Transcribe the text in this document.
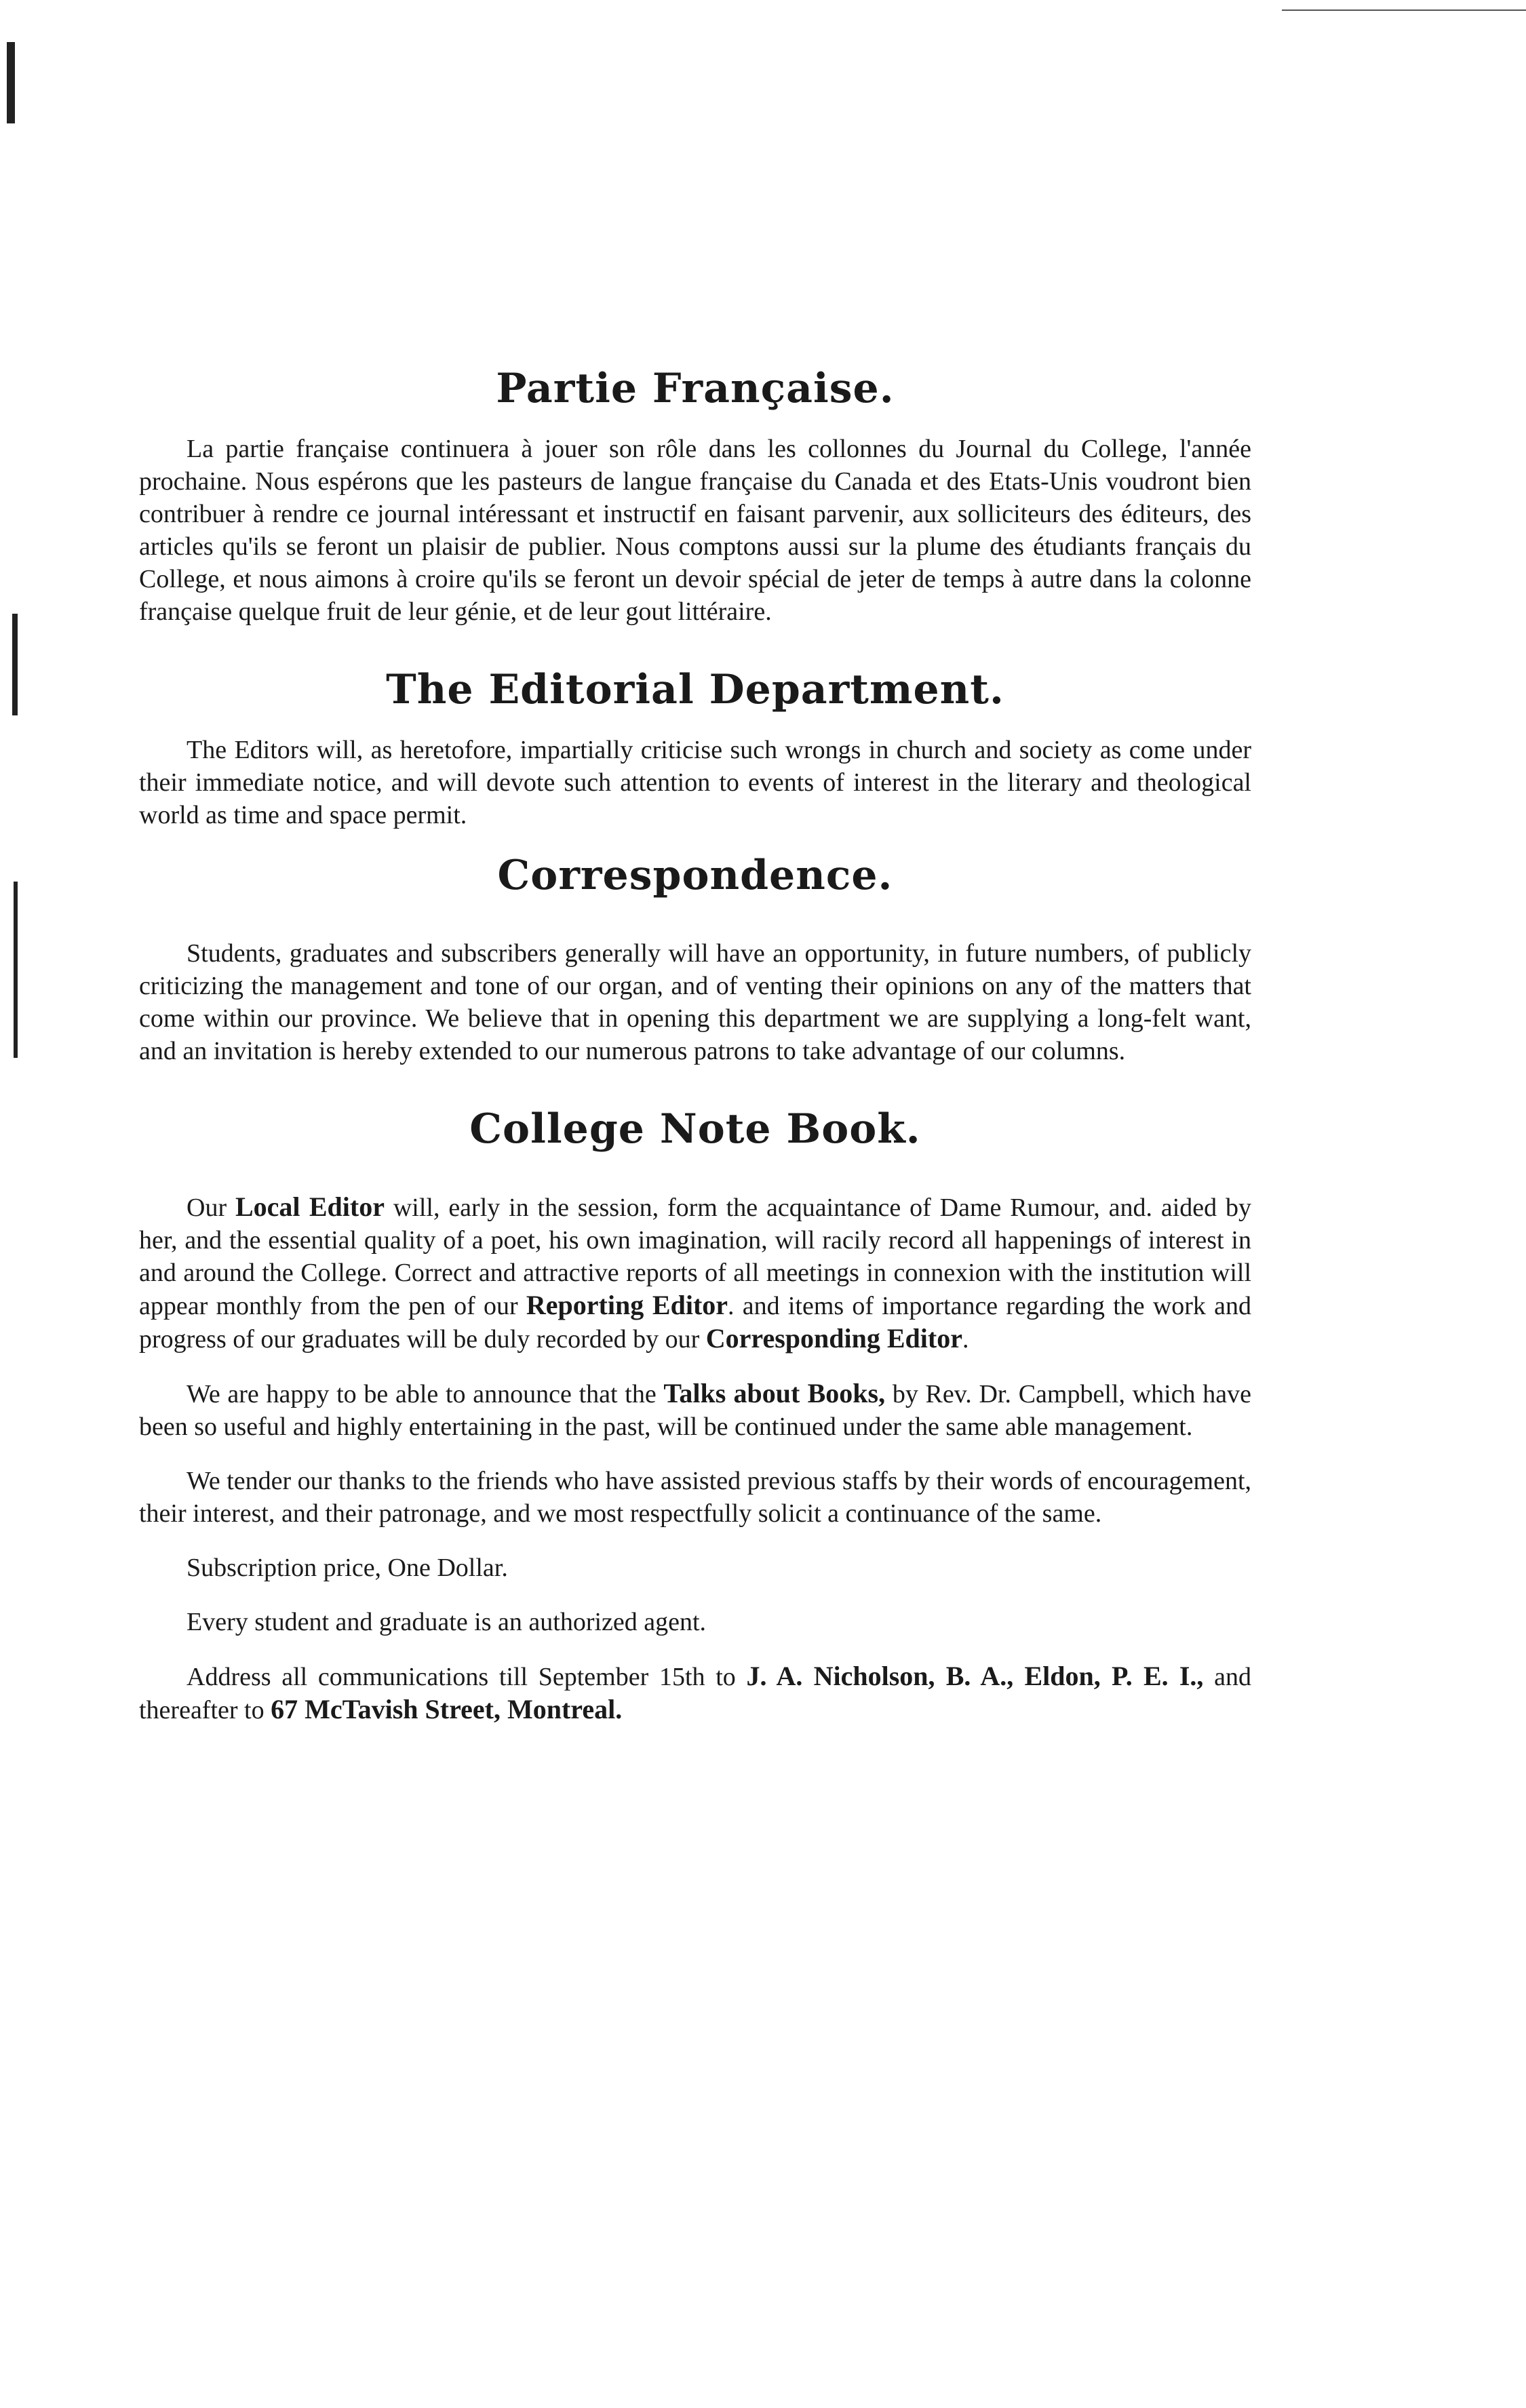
Partie Française.

La partie française continuera à jouer son rôle dans les collonnes du Journal du College, l'année prochaine. Nous espérons que les pasteurs de langue française du Canada et des Etats-Unis voudront bien contribuer à rendre ce journal intéressant et instructif en faisant parvenir, aux solliciteurs des éditeurs, des articles qu'ils se feront un plaisir de publier. Nous comptons aussi sur la plume des étudiants français du College, et nous aimons à croire qu'ils se feront un devoir spécial de jeter de temps à autre dans la colonne française quelque fruit de leur génie, et de leur gout littéraire.

The Editorial Department.

The Editors will, as heretofore, impartially criticise such wrongs in church and society as come under their immediate notice, and will devote such attention to events of interest in the literary and theological world as time and space permit.

Correspondence.

Students, graduates and subscribers generally will have an opportunity, in future numbers, of publicly criticizing the management and tone of our organ, and of venting their opinions on any of the matters that come within our province. We believe that in opening this department we are supplying a long-felt want, and an invitation is hereby extended to our numerous patrons to take advantage of our columns.

College Note Book.

Our Local Editor will, early in the session, form the acquaintance of Dame Rumour, and. aided by her, and the essential quality of a poet, his own imagination, will racily record all happenings of interest in and around the College. Correct and attractive reports of all meetings in connexion with the institution will appear monthly from the pen of our Reporting Editor. and items of importance regarding the work and progress of our graduates will be duly recorded by our Corresponding Editor.

We are happy to be able to announce that the Talks about Books, by Rev. Dr. Campbell, which have been so useful and highly entertaining in the past, will be continued under the same able management.

We tender our thanks to the friends who have assisted previous staffs by their words of encouragement, their interest, and their patronage, and we most respectfully solicit a continuance of the same.

Subscription price, One Dollar.

Every student and graduate is an authorized agent.

Address all communications till September 15th to J. A. Nicholson, B. A., Eldon, P. E. I., and thereafter to 67 McTavish Street, Montreal.
